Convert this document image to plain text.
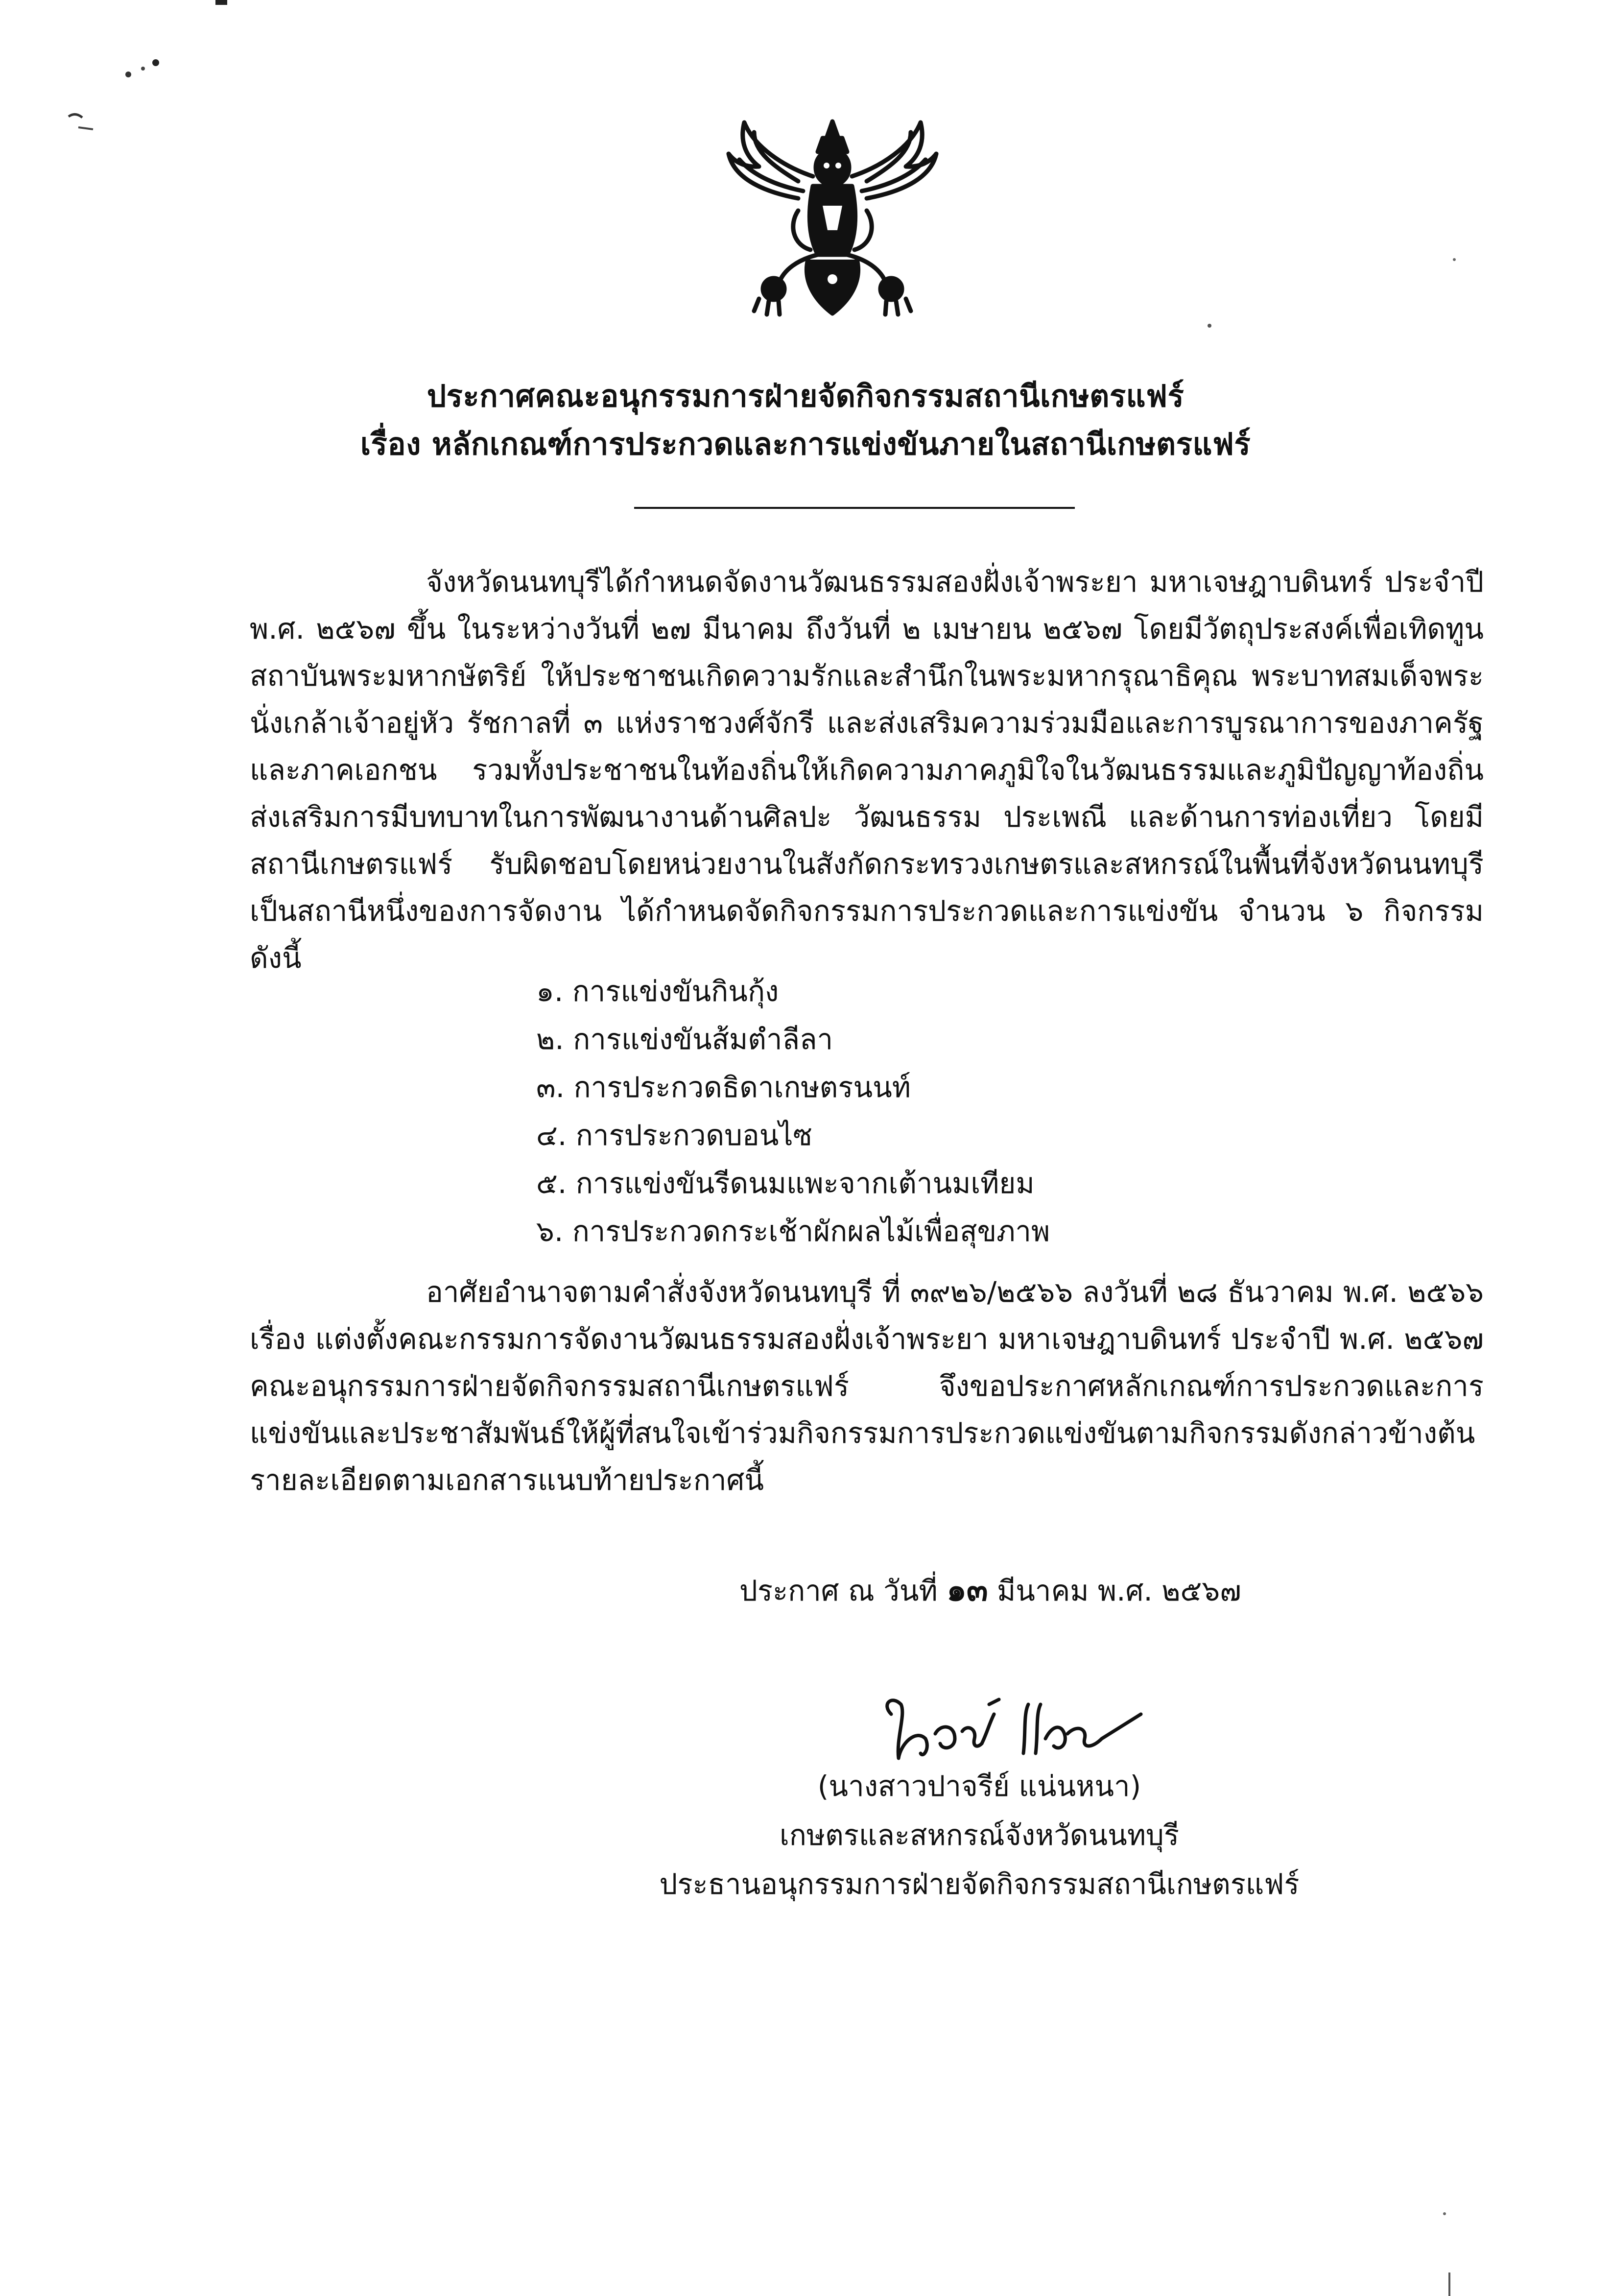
ประกาศคณะอนุกรรมการฝ่ายจัดกิจกรรมสถานีเกษตรแฟร์
เรื่อง หลักเกณฑ์การประกวดและการแข่งขันภายในสถานีเกษตรแฟร์

จังหวัดนนทบุรีได้กำหนดจัดงานวัฒนธรรมสองฝั่งเจ้าพระยา มหาเจษฎาบดินทร์ ประจำปี พ.ศ. ๒๕๖๗ ขึ้น ในระหว่างวันที่ ๒๗ มีนาคม ถึงวันที่ ๒ เมษายน ๒๕๖๗ โดยมีวัตถุประสงค์เพื่อเทิดทูนสถาบันพระมหากษัตริย์ ให้ประชาชนเกิดความรักและสำนึกในพระมหากรุณาธิคุณ พระบาทสมเด็จพระนั่งเกล้าเจ้าอยู่หัว รัชกาลที่ ๓ แห่งราชวงศ์จักรี และส่งเสริมความร่วมมือและการบูรณาการของภาครัฐและภาคเอกชน รวมทั้งประชาชนในท้องถิ่นให้เกิดความภาคภูมิใจในวัฒนธรรมและภูมิปัญญาท้องถิ่น ส่งเสริมการมีบทบาทในการพัฒนางานด้านศิลปะ วัฒนธรรม ประเพณี และด้านการท่องเที่ยว โดยมีสถานีเกษตรแฟร์ รับผิดชอบโดยหน่วยงานในสังกัดกระทรวงเกษตรและสหกรณ์ในพื้นที่จังหวัดนนทบุรี เป็นสถานีหนึ่งของการจัดงาน ได้กำหนดจัดกิจกรรมการประกวดและการแข่งขัน จำนวน ๖ กิจกรรม ดังนี้

๑. การแข่งขันกินกุ้ง
๒. การแข่งขันส้มตำลีลา
๓. การประกวดธิดาเกษตรนนท์
๔. การประกวดบอนไซ
๕. การแข่งขันรีดนมแพะจากเต้านมเทียม
๖. การประกวดกระเช้าผักผลไม้เพื่อสุขภาพ

อาศัยอำนาจตามคำสั่งจังหวัดนนทบุรี ที่ ๓๙๒๖/๒๕๖๖ ลงวันที่ ๒๘ ธันวาคม พ.ศ. ๒๕๖๖ เรื่อง แต่งตั้งคณะกรรมการจัดงานวัฒนธรรมสองฝั่งเจ้าพระยา มหาเจษฎาบดินทร์ ประจำปี พ.ศ. ๒๕๖๗ คณะอนุกรรมการฝ่ายจัดกิจกรรมสถานีเกษตรแฟร์ จึงขอประกาศหลักเกณฑ์การประกวดและการแข่งขันและประชาสัมพันธ์ให้ผู้ที่สนใจเข้าร่วมกิจกรรมการประกวดแข่งขันตามกิจกรรมดังกล่าวข้างต้น รายละเอียดตามเอกสารแนบท้ายประกาศนี้

ประกาศ ณ วันที่ ๑๓ มีนาคม พ.ศ. ๒๕๖๗
(นางสาวปาจรีย์ แน่นหนา)
เกษตรและสหกรณ์จังหวัดนนทบุรี
ประธานอนุกรรมการฝ่ายจัดกิจกรรมสถานีเกษตรแฟร์
